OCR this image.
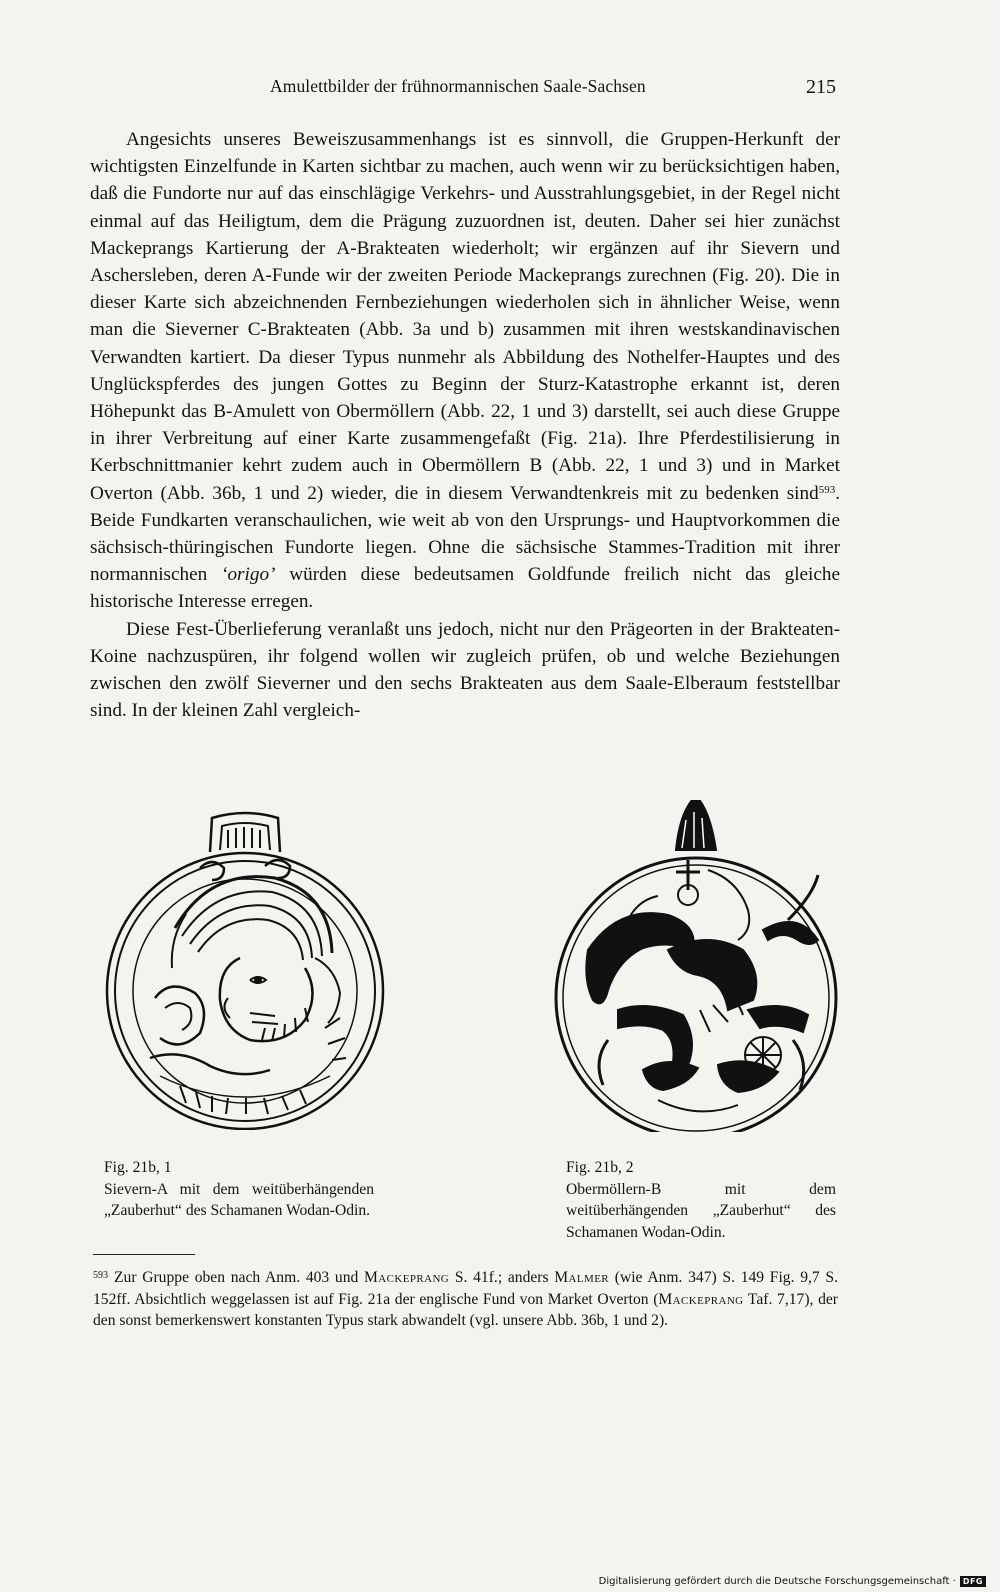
Amulettbilder der frühnormannischen Saale-Sachsen	215

Angesichts unseres Beweiszusammenhangs ist es sinnvoll, die Gruppen-Herkunft der wichtigsten Einzelfunde in Karten sichtbar zu machen, auch wenn wir zu berücksichtigen haben, daß die Fundorte nur auf das einschlägige Verkehrs- und Ausstrahlungsgebiet, in der Regel nicht einmal auf das Heiligtum, dem die Prägung zuzuordnen ist, deuten. Daher sei hier zunächst Mackeprangs Kartierung der A-Brakteaten wiederholt; wir ergänzen auf ihr Sievern und Aschersleben, deren A-Funde wir der zweiten Periode Mackeprangs zurechnen (Fig. 20). Die in dieser Karte sich abzeichnenden Fernbeziehungen wiederholen sich in ähnlicher Weise, wenn man die Sieverner C-Brakteaten (Abb. 3a und b) zusammen mit ihren westskandinavischen Verwandten kartiert. Da dieser Typus nunmehr als Abbildung des Nothelfer-Hauptes und des Unglückspferdes des jungen Gottes zu Beginn der Sturz-Katastrophe erkannt ist, deren Höhepunkt das B-Amulett von Obermöllern (Abb. 22, 1 und 3) darstellt, sei auch diese Gruppe in ihrer Verbreitung auf einer Karte zusammengefaßt (Fig. 21a). Ihre Pferdestilisierung in Kerbschnittmanier kehrt zudem auch in Obermöllern B (Abb. 22, 1 und 3) und in Market Overton (Abb. 36b, 1 und 2) wieder, die in diesem Verwandtenkreis mit zu bedenken sind$^{593}$. Beide Fundkarten veranschaulichen, wie weit ab von den Ursprungs- und Hauptvorkommen die sächsisch-thüringischen Fundorte liegen. Ohne die sächsische Stammes-Tradition mit ihrer normannischen ‘origo’ würden diese bedeutsamen Goldfunde freilich nicht das gleiche historische Interesse erregen.

Diese Fest-Überlieferung veranlaßt uns jedoch, nicht nur den Prägeorten in der Brakteaten-Koine nachzuspüren, ihr folgend wollen wir zugleich prüfen, ob und welche Beziehungen zwischen den zwölf Sieverner und den sechs Brakteaten aus dem Saale-Elberaum feststellbar sind. In der kleinen Zahl vergleich-

Fig. 21b, 1
Sievern-A mit dem weitüberhängenden „Zauberhut“ des Schamanen Wodan-Odin.
Fig. 21b, 2
Obermöllern-B mit dem weitüberhängenden „Zauberhut“ des Schamanen Wodan-Odin.
$^{593}$ Zur Gruppe oben nach Anm. 403 und Mackeprang S. 41f.; anders Malmer (wie Anm. 347) S. 149 Fig. 9,7 S. 152ff. Absichtlich weggelassen ist auf Fig. 21a der englische Fund von Market Overton (Mackeprang Taf. 7,17), der den sonst bemerkenswert konstanten Typus stark abwandelt (vgl. unsere Abb. 36b, 1 und 2).
Digitalisierung gefördert durch die Deutsche Forschungsgemeinschaft · DFG
